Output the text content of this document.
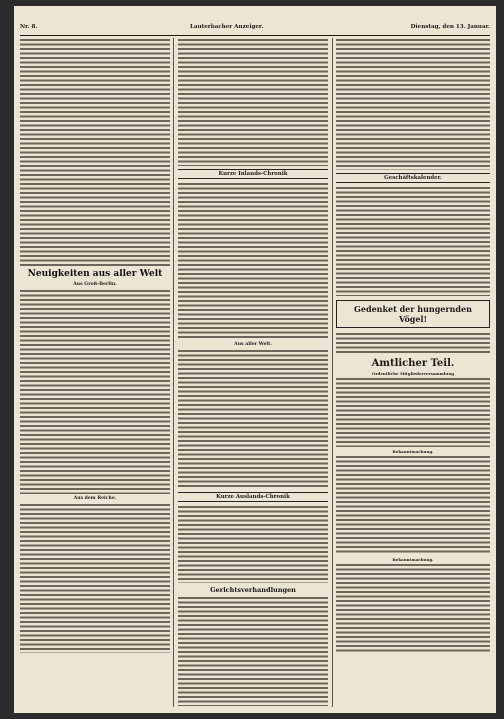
Nr. 8.	Lauterbacher Anzeiger.	Dienstag, den 13. Januar.
Neuigkeiten aus aller Welt
Aus Groß-Berlin.
Aus dem Reiche.
Kurze Inlands-Chronik
Aus aller Welt.
Kurze Auslands-Chronik
Gerichtsverhandlungen
Geschäftskalender.
Gedenket der hungernden Vögel!
Amtlicher Teil.
Ordentliche Mitgliederversammlung
Bekanntmachung.
Bekanntmachung.
